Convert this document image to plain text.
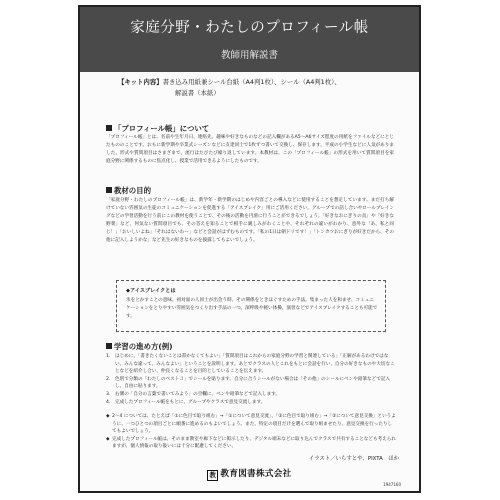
家庭分野・わたしのプロフィール帳
教師用解説書
【キット内容】書き込み用紙兼シール台紙（A4判1枚）、シール（A4判1枚）、
解説書（本紙）
「プロフィール帳」について
「プロフィール帳」とは、名前や生年月日、連絡先、趣味や好きなものなどの記入欄があるA5～A6サイズ程度の用紙をファイルなどにとじたもののことです。おもに新学期や卒業式シーズンなどに友達同士で1枚ずつ書いて交換し、保存します。平成の小学生などに人気がありました。形式や質問項目はさまざまで、流行はたびたび繰り返しています。本教材は、この「プロフィール帳」の形式を用いて質問項目を家庭分野に関係するものに焦点化し、授業で活用できるようにしたものです。
教材の目的
「家庭分野・わたしのプロフィール帳」は、新学年・新学期のはじめや内容ごとの導入などに使用することを想定しています。まだ打ち解けていない雰囲気の生徒のコミュニケーションを促進する「アイスブレイク」用にご活用ください。グループでの話し合いやロールプレイングなどの学習活動を行う前にこの教材を使うことで、その後の活動を円滑に行うことができるでしょう。「好きなおにぎりの具」や「好きな野菜」など、何気ない質問項目でも、その答えを知ることで相手に親しみがわくことや、それぞれの違いがわかり、意外な「あ、私と同じ！」「おいしいよね」「それはないわー」などと会話がはずむものです。「私の1日は朝ドリです！」「トンカツおにぎりが好きだから、その他に記入しようかな」など先生の好きなものを披露してもよいでしょう。
◆アイスブレイクとは
氷をとかすことの意味。初対面の人同士が出会う時、その関係をときほぐすための手法。集まった人を和ませ、コミュニケーションをとりやすい雰囲気をつくり出す手法の一つ。深呼吸や軽い体操、演習などでアイスブレイクすることも可能です。
学習の進め方(例)
1. はじめに、「書きたくないことは書かなくてもよい」「質問項目はこれからの家庭分野の学習と関連している」「正解があるわけではない、みんな違って、みんなよい」ということを説明します。あとでクラスの人とこれをもとに会話を行い、自分の好きなものや大切なことなどを紹介し合い、仲良くなることを目的としていることを伝えます。
2. 色別で分類の「わたしのベスト３」でシールを貼ります。自分に合うシールがない場合は「その他」のシールにペンや鉛筆などで記入し、自由に貼ります。
3. 右側の「自分の言葉で書いてみよう」の空欄に、ペンや鉛筆などで記入します。
4. 完成したプロフィール帳をもとに、グループやクラスで意見交流します。
◆ 2～4 については、たとえば「①に色目で取り組む」→「①について意見交流」、「②に色目で取り組む」→「②について意見交換」というように、一つひとつの項目ごとに順番に進めるのもよいでしょう。また、特定の項目だけを選んで取り組ませたり、意見交換を行ったりしてもよいでしょう。
◆ 完成したプロフィール帳は、そのまま教室や廊下などに掲示したり、デジタル端末などに取り込んでクラスで共有することなども考えられますが、個人情報の取り扱いには十分に配慮してください。
イラスト／いらすとや、PIXTA　ほか
教 教育図書株式会社
1947160
